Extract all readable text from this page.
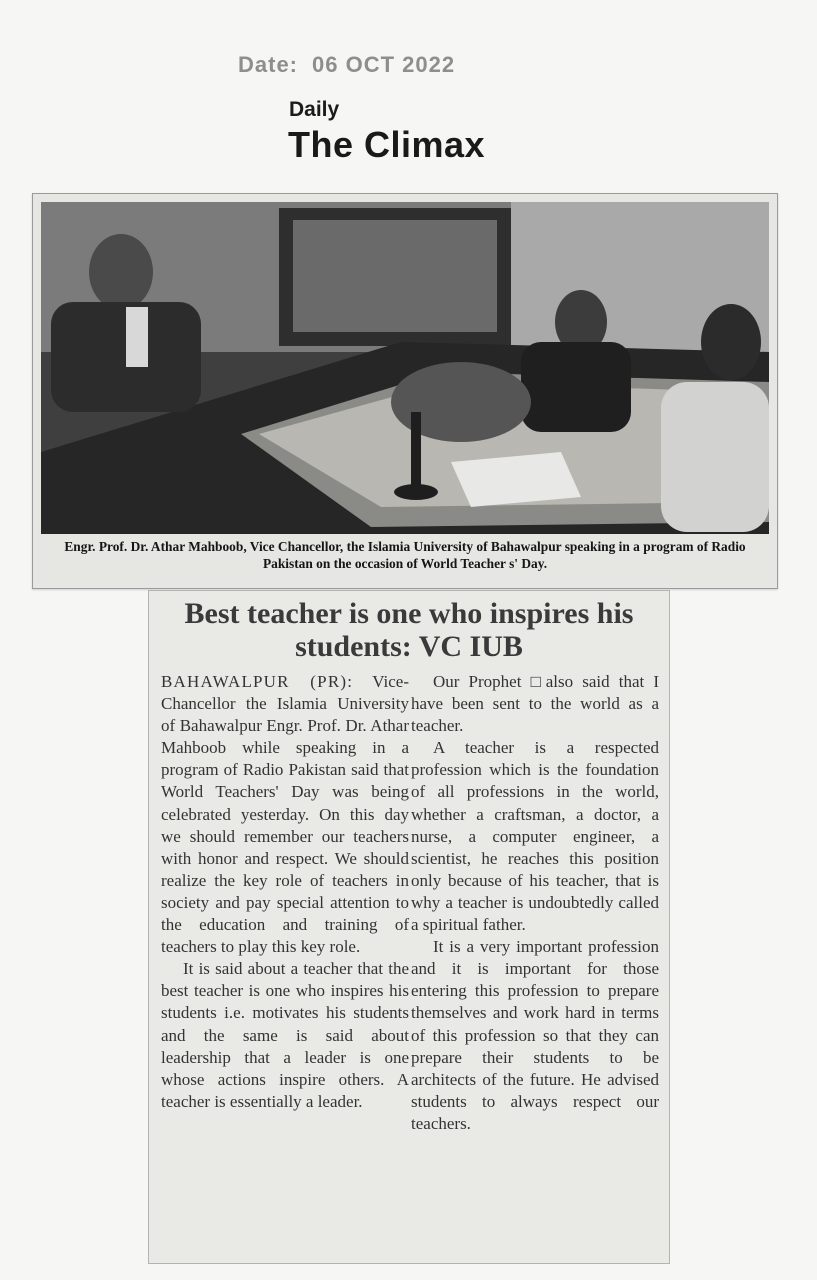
Date: 06 OCT 2022
Daily
The Climax
Engr. Prof. Dr. Athar Mahboob, Vice Chancellor, the Islamia University of Bahawalpur speaking in a program of Radio Pakistan on the occasion of World Teacher s' Day.
Best teacher is one who inspires his students: VC IUB

BAHAWALPUR (PR): Vice-Chancellor the Islamia University of Bahawalpur Engr. Prof. Dr. Athar Mahboob while speaking in a program of Radio Pakistan said that World Teachers' Day was being celebrated yesterday. On this day we should remember our teachers with honor and respect. We should realize the key role of teachers in society and pay special attention to the education and training of teachers to play this key role.

It is said about a teacher that the best teacher is one who inspires his students i.e. motivates his students and the same is said about leadership that a leader is one whose actions inspire others. A teacher is essentially a leader.

Our Prophet □also said that I have been sent to the world as a teacher.

A teacher is a respected profession which is the foundation of all professions in the world, whether a craftsman, a doctor, a nurse, a computer engineer, a scientist, he reaches this position only because of his teacher, that is why a teacher is undoubtedly called a spiritual father.

It is a very important profession and it is important for those entering this profession to prepare themselves and work hard in terms of this profession so that they can prepare their students to be architects of the future. He advised students to always respect our teachers.
